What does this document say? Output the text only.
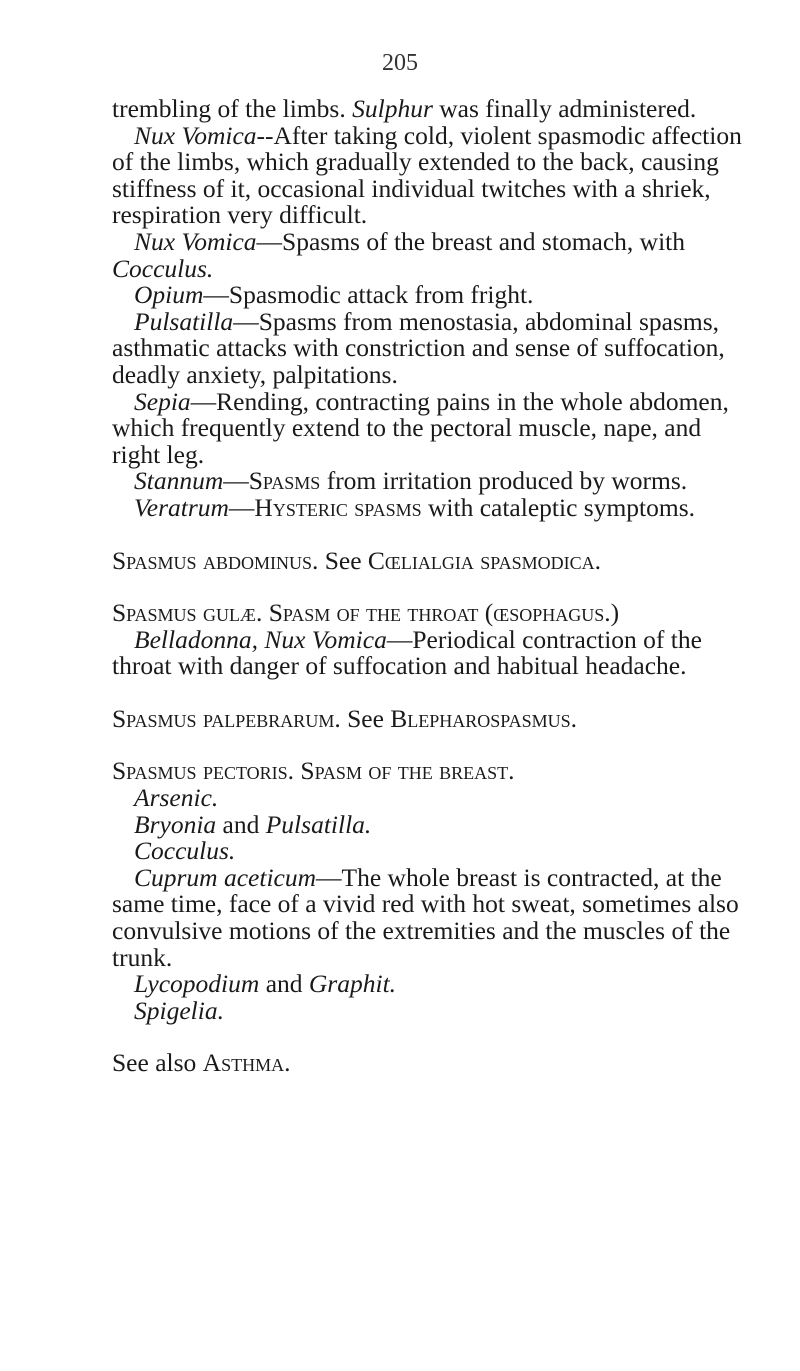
205

trembling of the limbs. Sulphur was finally administered.

Nux Vomica--After taking cold, violent spasmodic affection of the limbs, which gradually extended to the back, causing stiffness of it, occasional individual twitches with a shriek, respiration very difficult.

Nux Vomica—Spasms of the breast and stomach, with Cocculus.

Opium—Spasmodic attack from fright.

Pulsatilla—Spasms from menostasia, abdominal spasms, asthmatic attacks with constriction and sense of suffocation, deadly anxiety, palpitations.

Sepia—Rending, contracting pains in the whole abdomen, which frequently extend to the pectoral muscle, nape, and right leg.

Stannum—Spasms from irritation produced by worms.

Veratrum—Hysteric spasms with cataleptic symptoms.

Spasmus abdominus. See Cœlialgia spasmodica.

Spasmus gulæ. Spasm of the throat (œsophagus.)

Belladonna, Nux Vomica—Periodical contraction of the throat with danger of suffocation and habitual headache.

Spasmus palpebrarum. See Blepharospasmus.

Spasmus pectoris. Spasm of the breast.

Arsenic.

Bryonia and Pulsatilla.

Cocculus.

Cuprum aceticum—The whole breast is contracted, at the same time, face of a vivid red with hot sweat, sometimes also convulsive motions of the extremities and the muscles of the trunk.

Lycopodium and Graphit.

Spigelia.

See also Asthma.
